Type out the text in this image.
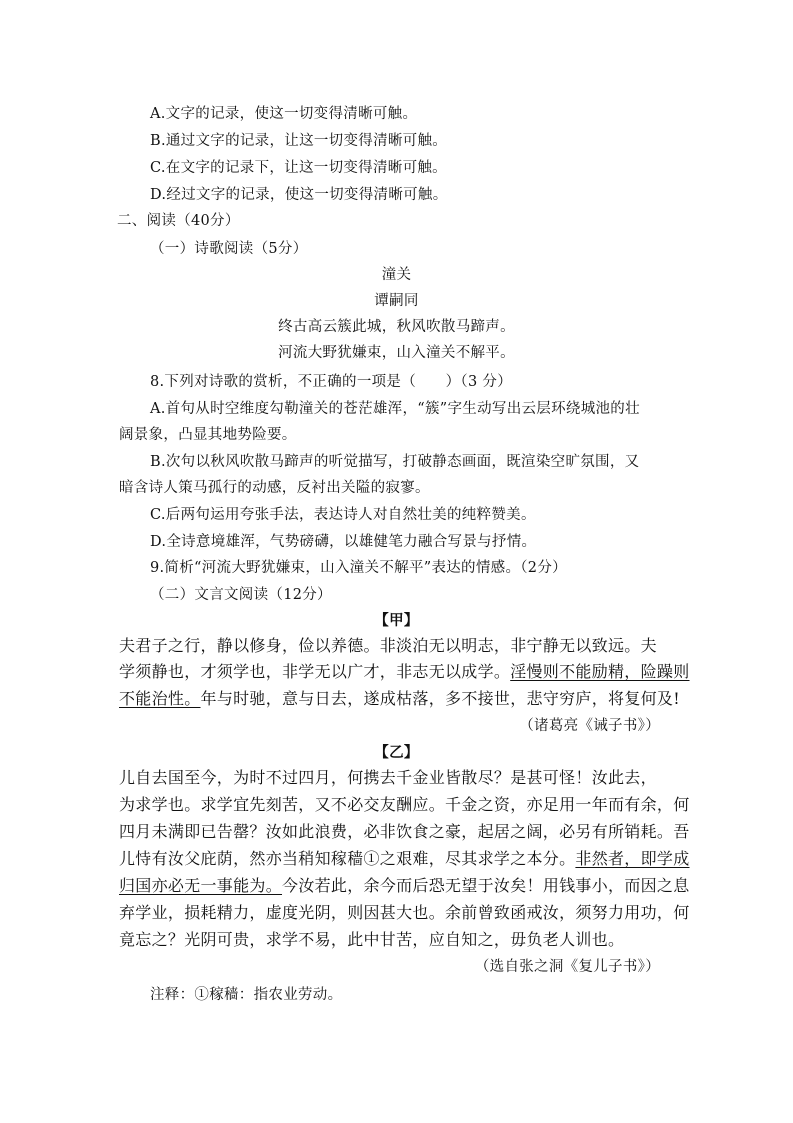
A.文字的记录，使这一切变得清晰可触。
B.通过文字的记录，让这一切变得清晰可触。
C.在文字的记录下，让这一切变得清晰可触。
D.经过文字的记录，使这一切变得清晰可触。
二、阅读（40分）
（一）诗歌阅读（5分）
潼关
谭嗣同
终古高云簇此城，秋风吹散马蹄声。
河流大野犹嫌束，山入潼关不解平。
8.下列对诗歌的赏析，不正确的一项是（　　）（3 分）
A.首句从时空维度勾勒潼关的苍茫雄浑，“簇”字生动写出云层环绕城池的壮
阔景象，凸显其地势险要。
B.次句以秋风吹散马蹄声的听觉描写，打破静态画面，既渲染空旷氛围，又
暗含诗人策马孤行的动感，反衬出关隘的寂寥。
C.后两句运用夸张手法，表达诗人对自然壮美的纯粹赞美。
D.全诗意境雄浑，气势磅礴，以雄健笔力融合写景与抒情。
9.简析“河流大野犹嫌束，山入潼关不解平”表达的情感。（2分）
（二）文言文阅读（12分）
【甲】
夫君子之行，静以修身，俭以养德。非淡泊无以明志，非宁静无以致远。夫
学须静也，才须学也，非学无以广才，非志无以成学。淫慢则不能励精，险躁则
不能治性。年与时驰，意与日去，遂成枯落，多不接世，悲守穷庐，将复何及!
（诸葛亮《诫子书》）
【乙】
儿自去国至今，为时不过四月，何携去千金业皆散尽？是甚可怪！汝此去，
为求学也。求学宜先刻苦，又不必交友酬应。千金之资，亦足用一年而有余，何
四月未满即已告罄？汝如此浪费，必非饮食之豪，起居之阔，必另有所销耗。吾
儿恃有汝父庇荫，然亦当稍知稼穑①之艰难，尽其求学之本分。非然者，即学成
归国亦必无一事能为。今汝若此，余今而后恐无望于汝矣！用钱事小，而因之息
弃学业，损耗精力，虚度光阴，则因甚大也。余前曾致函戒汝，须努力用功，何
竟忘之？光阴可贵，求学不易，此中甘苦，应自知之，毋负老人训也。
（选自张之洞《复儿子书》）
注释：①稼穑：指农业劳动。
